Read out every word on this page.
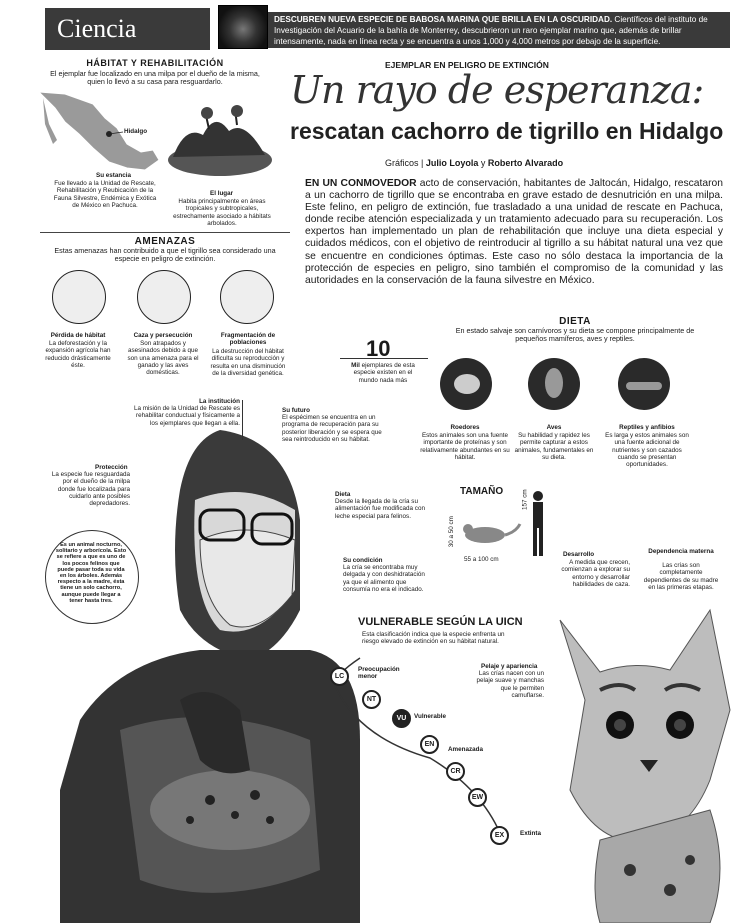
Ciencia	DESCUBREN NUEVA ESPECIE DE BABOSA MARINA QUE BRILLA EN LA OSCURIDAD. Científicos del instituto de Investigación del Acuario de la bahía de Monterrey, descubrieron un raro ejemplar marino que, además de brillar intensamente, nada en línea recta y se encuentra a unos 1,000 y 4,000 metros por debajo de la superficie.
HÁBITAT Y REHABILITACIÓN
El ejemplar fue localizado en una milpa por el dueño de la misma, quien lo llevó a su casa para resguardarlo.
Hidalgo
Su estancia
Fue llevado a la Unidad de Rescate, Rehabilitación y Reubicación de la Fauna Silvestre, Endémica y Exótica de México en Pachuca.
El lugar
Habita principalmente en áreas tropicales y subtropicales, estrechamente asociado a hábitats arbolados.
AMENAZAS
Estas amenazas han contribuido a que el tigrillo sea considerado una especie en peligro de extinción.
Pérdida de hábitat
La deforestación y la expansión agrícola han reducido drásticamente éste.
Caza y persecución
Son atrapados y asesinados debido a que son una amenaza para el ganado y las aves domésticas.
Fragmentación de poblaciones
La destrucción del hábitat dificulta su reproducción y resulta en una disminución de la diversidad genética.
EJEMPLAR EN PELIGRO DE EXTINCIÓN
Un rayo de esperanza:
rescatan cachorro de tigrillo en Hidalgo
Gráficos | Julio Loyola y Roberto Alvarado
EN UN CONMOVEDOR acto de conservación, habitantes de Jaltocán, Hidalgo, rescataron a un cachorro de tigrillo que se encontraba en grave estado de desnutrición en una milpa. Este felino, en peligro de extinción, fue trasladado a una unidad de rescate en Pachuca, donde recibe atención especializada y un tratamiento adecuado para su recuperación. Los expertos han implementado un plan de rehabilitación que incluye una dieta especial y cuidados médicos, con el objetivo de reintroducir al tigrillo a su hábitat natural una vez que se encuentre en condiciones óptimas. Este caso no sólo destaca la importancia de la protección de especies en peligro, sino también el compromiso de la comunidad y las autoridades en la conservación de la fauna silvestre en México.
10
Mil ejemplares de esta especie existen en el mundo nada más
DIETA
En estado salvaje son carnívoros y su dieta se compone principalmente de pequeños mamíferos, aves y reptiles.
Roedores
Estos animales son una fuente importante de proteínas y son relativamente abundantes en su hábitat.
Aves
Su habilidad y rapidez les permite capturar a estos animales, fundamentales en su dieta.
Reptiles y anfibios
Es larga y estos animales son una fuente adicional de nutrientes y son cazados cuando se presentan oportunidades.
TAMAÑO	157 cm
30 a 50 cm
55 a 100 cm
La institución
La misión de la Unidad de Rescate es rehabilitar conductual y físicamente a los ejemplares que llegan a ella.
Su futuro
El espécimen se encuentra en un programa de recuperación para su posterior liberación y se espera que sea reintroducido en su hábitat.
Protección
La especie fue resguardada por el dueño de la milpa donde fue localizada para cuidarlo ante posibles depredadores.
Dieta
Desde la llegada de la cría su alimentación fue modificada con leche especial para felinos.
Su condición
La cría se encontraba muy delgada y con deshidratación ya que el alimento que consumía no era el indicado.
Es un animal nocturno, solitario y arborícola. Esto se refiere a que es uno de los pocos felinos que puede pasar toda su vida en los árboles. Además respecto a la madre, ésta tiene un solo cachorro, aunque puede llegar a tener hasta tres.
VULNERABLE SEGÚN LA UICN
Esta clasificación indica que la especie enfrenta un riesgo elevado de extinción en su hábitat natural.
LC
Preocupación menor
NT
VU	Vulnerable
EN
Amenazada
CR
EW
EX	Extinta
Desarrollo
A medida que crecen, comienzan a explorar su entorno y desarrollar habilidades de caza.
Dependencia materna
Las crías son completamente dependientes de su madre en las primeras etapas.
Pelaje y apariencia
Las crías nacen con un pelaje suave y manchas que le permiten camuflarse.
